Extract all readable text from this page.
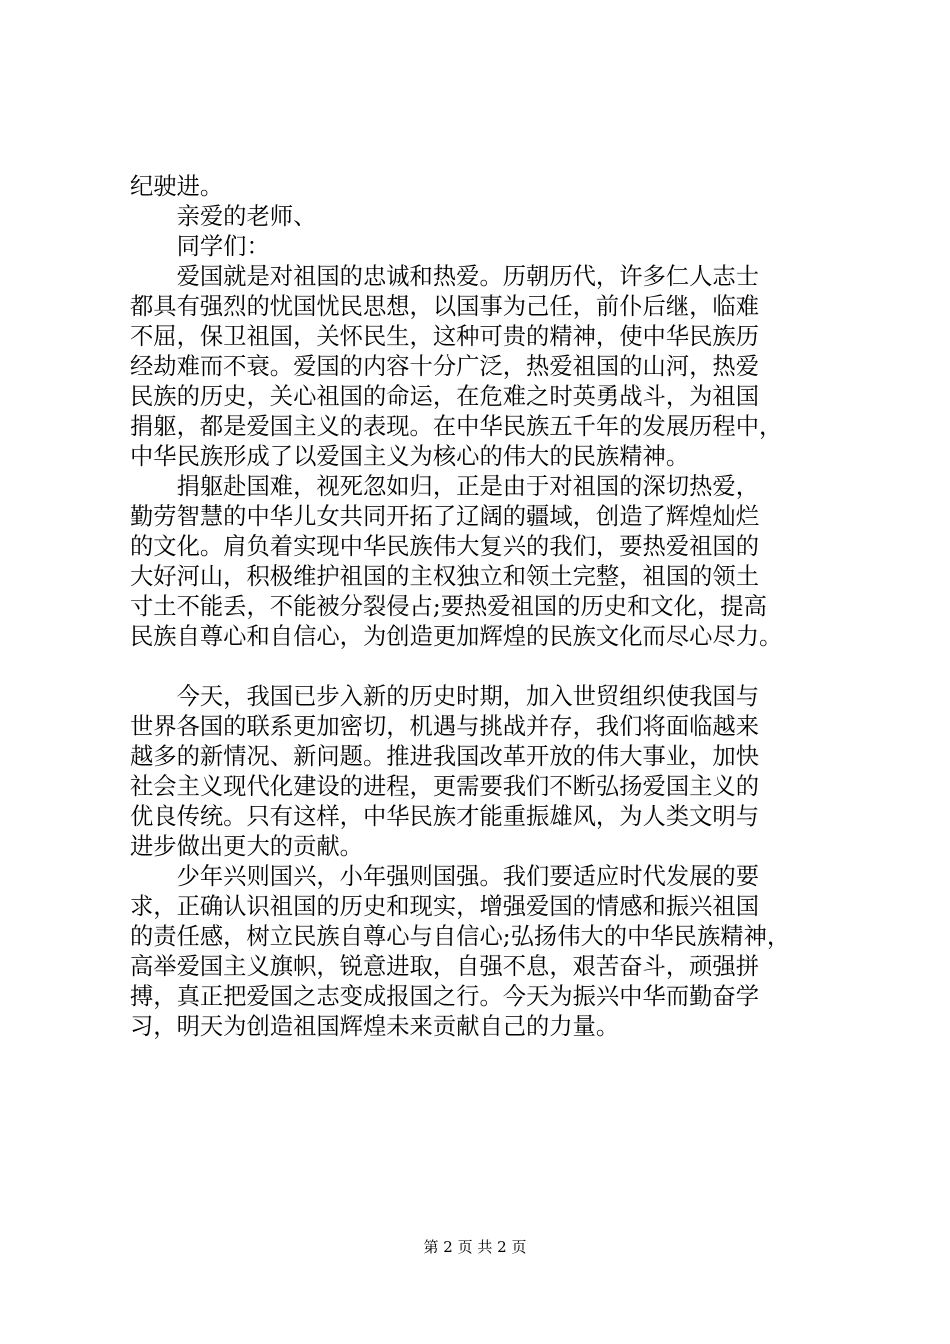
纪驶进。
　　亲爱的老师、
　　同学们：
　　爱国就是对祖国的忠诚和热爱。历朝历代，许多仁人志士
都具有强烈的忧国忧民思想，以国事为己任，前仆后继，临难
不屈，保卫祖国，关怀民生，这种可贵的精神，使中华民族历
经劫难而不衰。爱国的内容十分广泛，热爱祖国的山河，热爱
民族的历史，关心祖国的命运，在危难之时英勇战斗，为祖国
捐躯，都是爱国主义的表现。在中华民族五千年的发展历程中，
中华民族形成了以爱国主义为核心的伟大的民族精神。
　　捐躯赴国难，视死忽如归，正是由于对祖国的深切热爱，
勤劳智慧的中华儿女共同开拓了辽阔的疆域，创造了辉煌灿烂
的文化。肩负着实现中华民族伟大复兴的我们，要热爱祖国的
大好河山，积极维护祖国的主权独立和领土完整，祖国的领土
寸土不能丢，不能被分裂侵占;要热爱祖国的历史和文化，提高
民族自尊心和自信心，为创造更加辉煌的民族文化而尽心尽力。
　　今天，我国已步入新的历史时期，加入世贸组织使我国与
世界各国的联系更加密切，机遇与挑战并存，我们将面临越来
越多的新情况、新问题。推进我国改革开放的伟大事业，加快
社会主义现代化建设的进程，更需要我们不断弘扬爱国主义的
优良传统。只有这样，中华民族才能重振雄风，为人类文明与
进步做出更大的贡献。
　　少年兴则国兴，小年强则国强。我们要适应时代发展的要
求，正确认识祖国的历史和现实，增强爱国的情感和振兴祖国
的责任感，树立民族自尊心与自信心;弘扬伟大的中华民族精神，
高举爱国主义旗帜，锐意进取，自强不息，艰苦奋斗，顽强拼
搏，真正把爱国之志变成报国之行。今天为振兴中华而勤奋学
习，明天为创造祖国辉煌未来贡献自己的力量。
第 2 页 共 2 页
